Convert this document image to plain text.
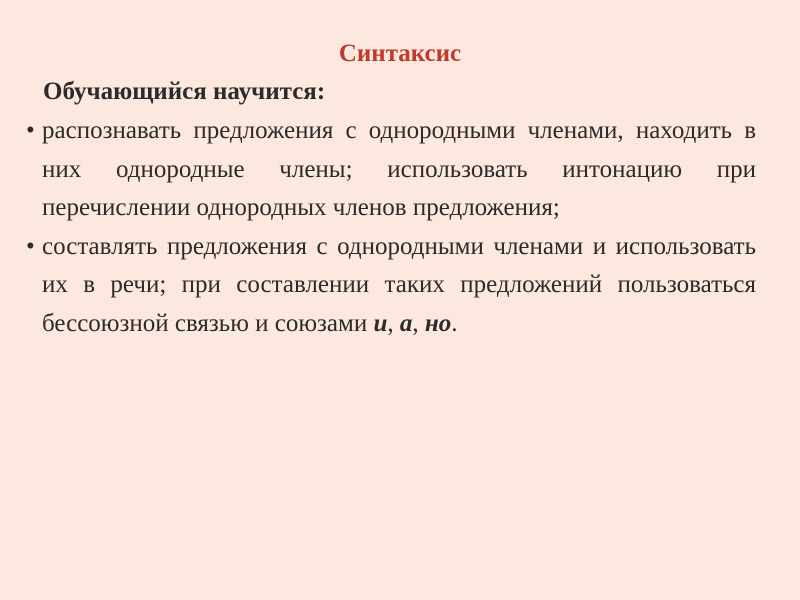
Синтаксис
Обучающийся научится:
• распознавать предложения с однородными членами, находить в них однородные члены; использовать интонацию при перечислении однородных членов предложения;
• составлять предложения с однородными членами и использовать их в речи; при составлении таких предложений пользоваться бессоюзной связью и союзами и, а, но.
